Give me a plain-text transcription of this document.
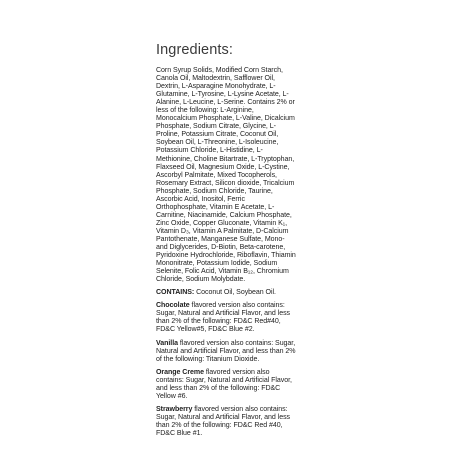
Ingredients:

Corn Syrup Solids, Modified Corn Starch, Canola Oil, Maltodextrin, Safflower Oil, Dextrin, L-Asparagine Monohydrate, L-Glutamine, L-Tyrosine, L-Lysine Acetate, L-Alanine, L-Leucine, L-Serine. Contains 2% or less of the following: L-Arginine, Monocalcium Phosphate, L-Valine, Dicalcium Phosphate, Sodium Citrate, Glycine, L-Proline, Potassium Citrate, Coconut Oil, Soybean Oil, L-Threonine, L-Isoleucine, Potassium Chloride, L-Histidine, L-Methionine, Choline Bitartrate, L-Tryptophan, Flaxseed Oil, Magnesium Oxide, L-Cystine, Ascorbyl Palmitate, Mixed Tocopherols, Rosemary Extract, Silicon dioxide, Tricalcium Phosphate, Sodium Chloride, Taurine, Ascorbic Acid, Inositol, Ferric Orthophosphate, Vitamin E Acetate, L-Carnitine, Niacinamide, Calcium Phosphate, Zinc Oxide, Copper Gluconate, Vitamin K₁, Vitamin D₃, Vitamin A Palmitate, D-Calcium Pantothenate, Manganese Sulfate, Mono- and Diglycerides, D-Biotin, Beta-carotene, Pyridoxine Hydrochloride, Riboflavin, Thiamin Mononitrate, Potassium Iodide, Sodium Selenite, Folic Acid, Vitamin B₁₂, Chromium Chloride, Sodium Molybdate.

CONTAINS: Coconut Oil, Soybean Oil.

Chocolate flavored version also contains: Sugar, Natural and Artificial Flavor, and less than 2% of the following: FD&C Red#40, FD&C Yellow#5, FD&C Blue #2.

Vanilla flavored version also contains: Sugar, Natural and Artificial Flavor, and less than 2% of the following: Titanium Dioxide.

Orange Creme flavored version also contains: Sugar, Natural and Artificial Flavor, and less than 2% of the following: FD&C Yellow #6.

Strawberry flavored version also contains: Sugar, Natural and Artificial Flavor, and less than 2% of the following: FD&C Red #40, FD&C Blue #1.
